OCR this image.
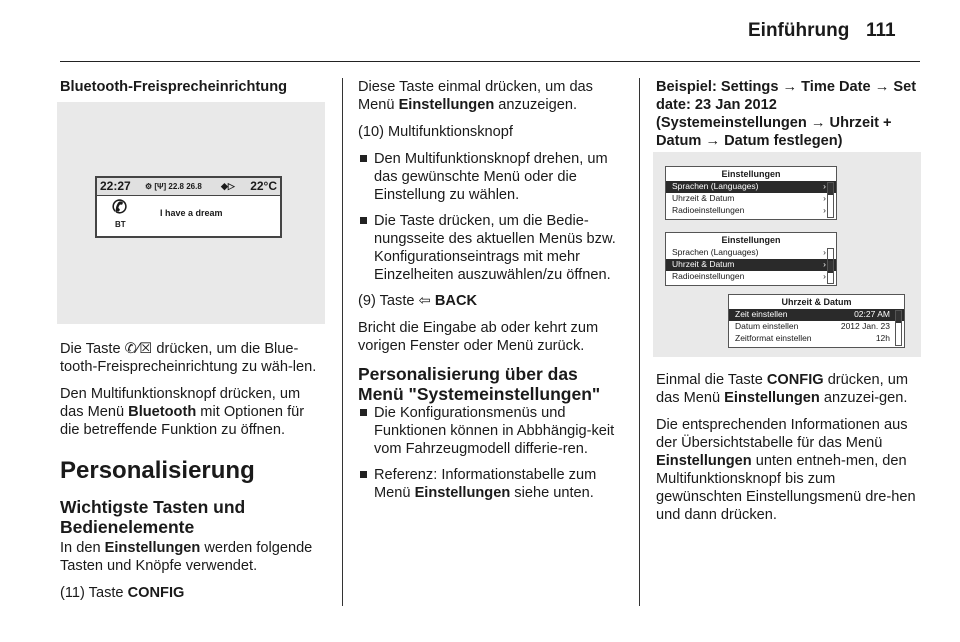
Einführung 111

Bluetooth-Freisprecheinrichtung

22:27 ⚙ [Ψ] 22.8 26.8 ◆▷ 22°C
✆
BT
I have a dream

Die Taste ✆⁄☒ drücken, um die Blue-tooth-Freisprecheinrichtung zu wäh-len.

Den Multifunktionsknopf drücken, um das Menü Bluetooth mit Optionen für die betreffende Funktion zu öffnen.

Personalisierung
Wichtigste Tasten und Bedienelemente

In den Einstellungen werden folgende Tasten und Knöpfe verwendet.

(11) Taste CONFIG

Diese Taste einmal drücken, um das Menü Einstellungen anzuzeigen.

(10) Multifunktionsknopf

Den Multifunktionsknopf drehen, um das gewünschte Menü oder die Einstellung zu wählen.
Die Taste drücken, um die Bedie-nungsseite des aktuellen Menüs bzw. Konfigurationseintrags mit mehr Einzelheiten auszuwählen/zu öffnen.

(9) Taste ⇦ BACK

Bricht die Eingabe ab oder kehrt zum vorigen Fenster oder Menü zurück.

Personalisierung über das Menü "Systemeinstellungen"
Die Konfigurationsmenüs und Funktionen können in Abbhängig-keit vom Fahrzeugmodell differie-ren.
Referenz: Informationstabelle zum Menü Einstellungen siehe unten.

Beispiel: Settings → Time Date → Set date: 23 Jan 2012 (Systemeinstellungen → Uhrzeit + Datum → Datum festlegen)

Einstellungen
Sprachen (Languages)	›
Uhrzeit & Datum	›
Radioeinstellungen	›
Einstellungen
Sprachen (Languages)	›
Uhrzeit & Datum	›
Radioeinstellungen	›
Uhrzeit & Datum
Zeit einstellen	02:27 AM
Datum einstellen	2012 Jan. 23
Zeitformat einstellen	12h

Einmal die Taste CONFIG drücken, um das Menü Einstellungen anzuzei-gen.

Die entsprechenden Informationen aus der Übersichtstabelle für das Menü Einstellungen unten entneh-men, den Multifunktionsknopf bis zum gewünschten Einstellungsmenü dre-hen und dann drücken.
